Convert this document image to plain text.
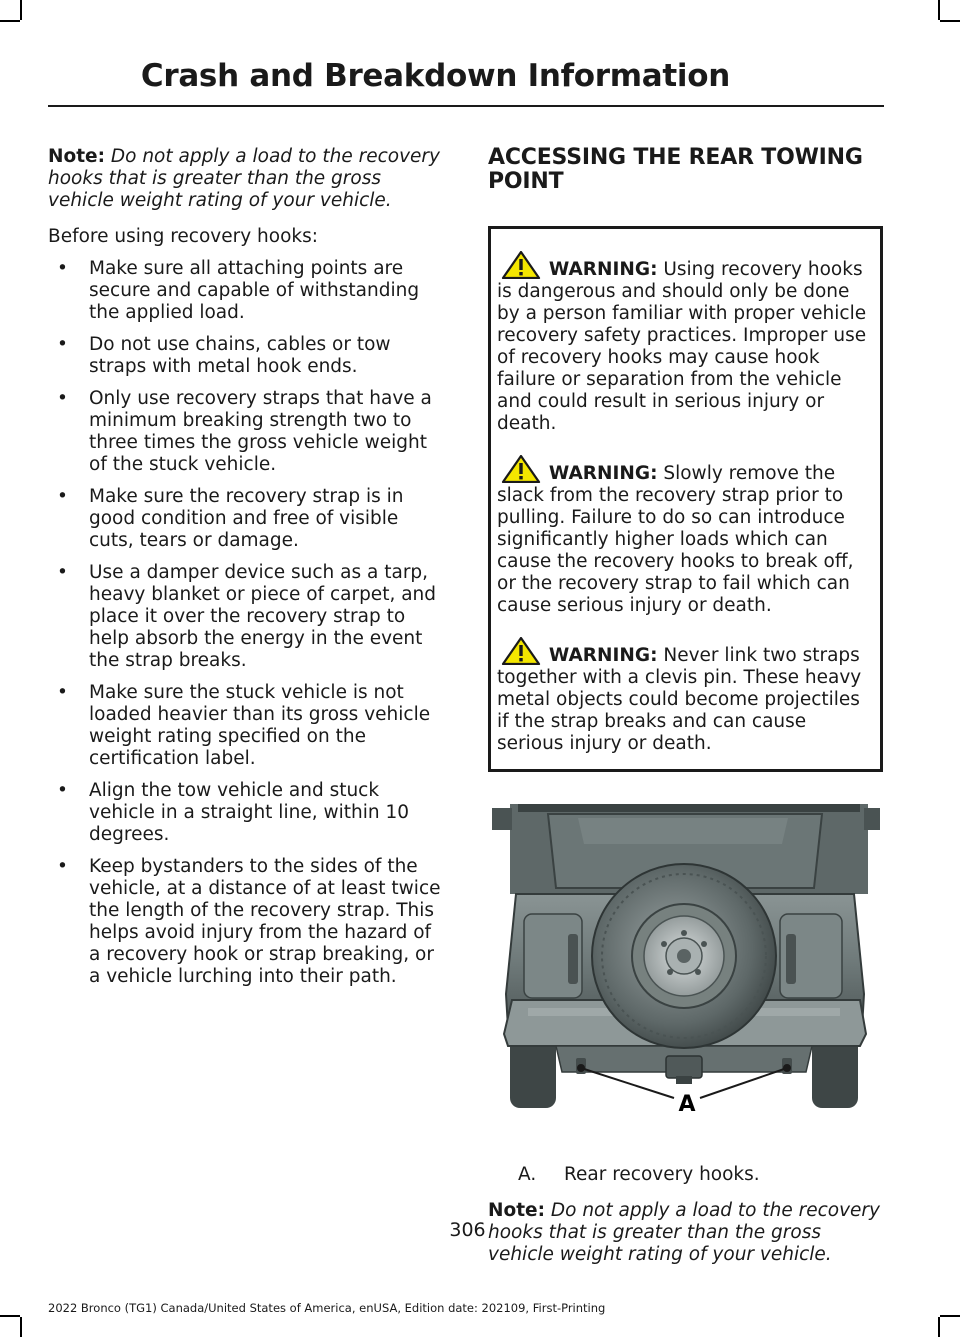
Crash and Breakdown Information

Note: Do not apply a load to the recovery hooks that is greater than the gross vehicle weight rating of your vehicle.

Before using recovery hooks:

• Make sure all attaching points are secure and capable of withstanding the applied load.
• Do not use chains, cables or tow straps with metal hook ends.
• Only use recovery straps that have a minimum breaking strength two to three times the gross vehicle weight of the stuck vehicle.
• Make sure the recovery strap is in good condition and free of visible cuts, tears or damage.
• Use a damper device such as a tarp, heavy blanket or piece of carpet, and place it over the recovery strap to help absorb the energy in the event the strap breaks.
• Make sure the stuck vehicle is not loaded heavier than its gross vehicle weight rating specified on the certification label.
• Align the tow vehicle and stuck vehicle in a straight line, within 10 degrees.
• Keep bystanders to the sides of the vehicle, at a distance of at least twice the length of the recovery strap. This helps avoid injury from the hazard of a recovery hook or strap breaking, or a vehicle lurching into their path.
ACCESSING THE REAR TOWING POINT
WARNING: Using recovery hooks is dangerous and should only be done by a person familiar with proper vehicle recovery safety practices. Improper use of recovery hooks may cause hook failure or separation from the vehicle and could result in serious injury or death.
WARNING: Slowly remove the slack from the recovery strap prior to pulling. Failure to do so can introduce significantly higher loads which can cause the recovery hooks to break off, or the recovery strap to fail which can cause serious injury or death.
WARNING: Never link two straps together with a clevis pin. These heavy metal objects could become projectiles if the strap breaks and can cause serious injury or death.
A
A.	Rear recovery hooks.

Note: Do not apply a load to the recovery hooks that is greater than the gross vehicle weight rating of your vehicle.

306
2022 Bronco (TG1) Canada/United States of America, enUSA, Edition date: 202109, First-Printing
